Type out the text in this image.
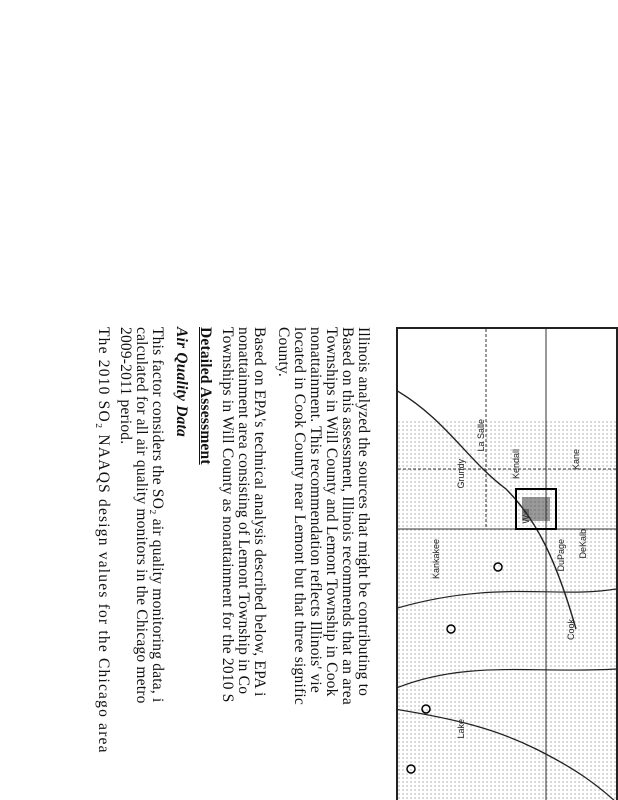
DeKalb
Kane
DuPage
Cook
La Salle
Kendall
Grundy
Will
Kankakee
Lake
Illinois analyzed the sources that might be contributing to
Based on this assessment, Illinois recommends that an area
Townships in Will County and Lemont Township in Cook
nonattainment. This recommendation reflects Illinois' vie
located in Cook County near Lemont but that three signific
County.
Based on EPA's technical analysis described below, EPA i
nonattainment area consisting of Lemont Township in Co
Townships in Will County as nonattainment for the 2010 S
Detailed Assessment
Air Quality Data
This factor considers the SO₂ air quality monitoring data, i
calculated for all air quality monitors in the Chicago metro
2009-2011 period.
The 2010 SO₂ NAAQS design values for the Chicago area
